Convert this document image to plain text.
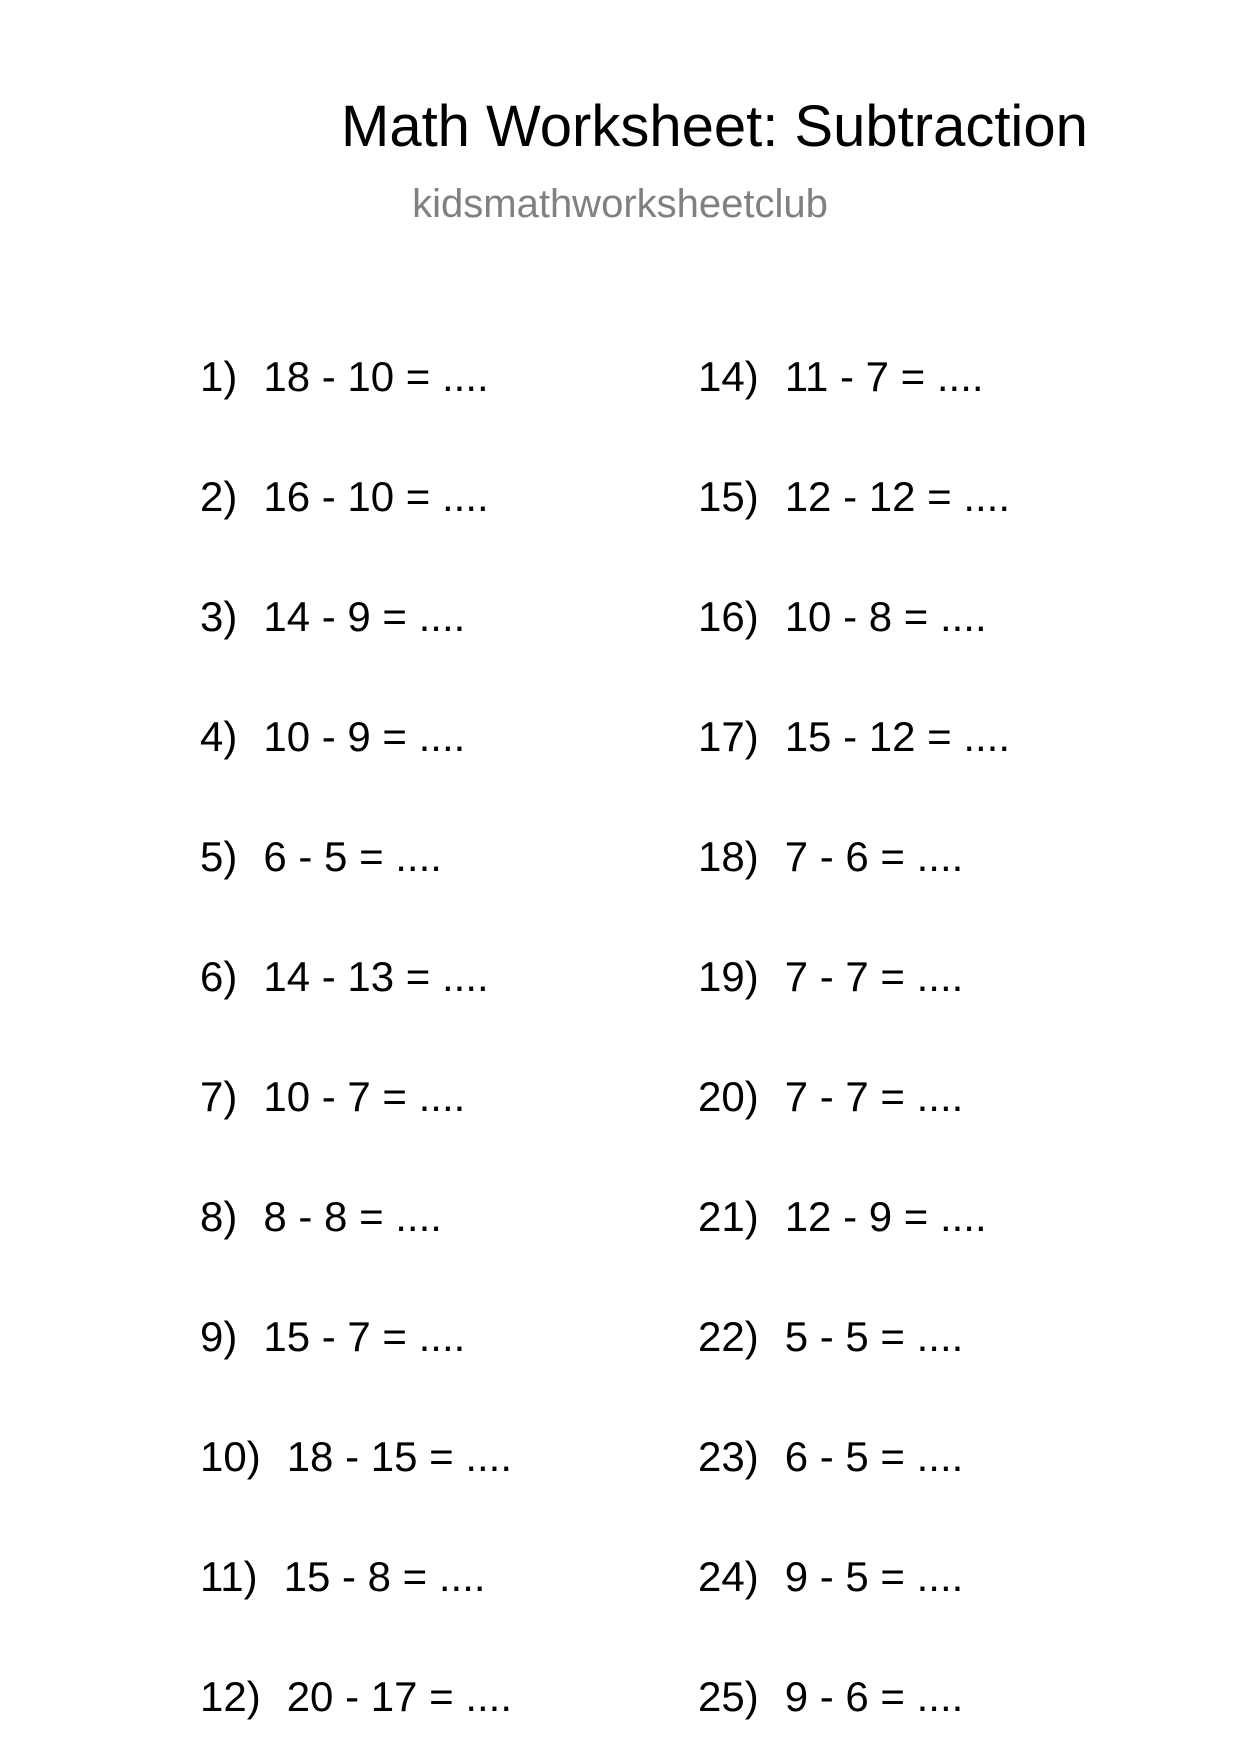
Math Worksheet: Subtraction
kidsmathworksheetclub
1) 18 - 10 = ....
2) 16 - 10 = ....
3) 14 - 9 = ....
4) 10 - 9 = ....
5) 6 - 5 = ....
6) 14 - 13 = ....
7) 10 - 7 = ....
8) 8 - 8 = ....
9) 15 - 7 = ....
10) 18 - 15 = ....
11) 15 - 8 = ....
12) 20 - 17 = ....
14) 11 - 7 = ....
15) 12 - 12 = ....
16) 10 - 8 = ....
17) 15 - 12 = ....
18) 7 - 6 = ....
19) 7 - 7 = ....
20) 7 - 7 = ....
21) 12 - 9 = ....
22) 5 - 5 = ....
23) 6 - 5 = ....
24) 9 - 5 = ....
25) 9 - 6 = ....
